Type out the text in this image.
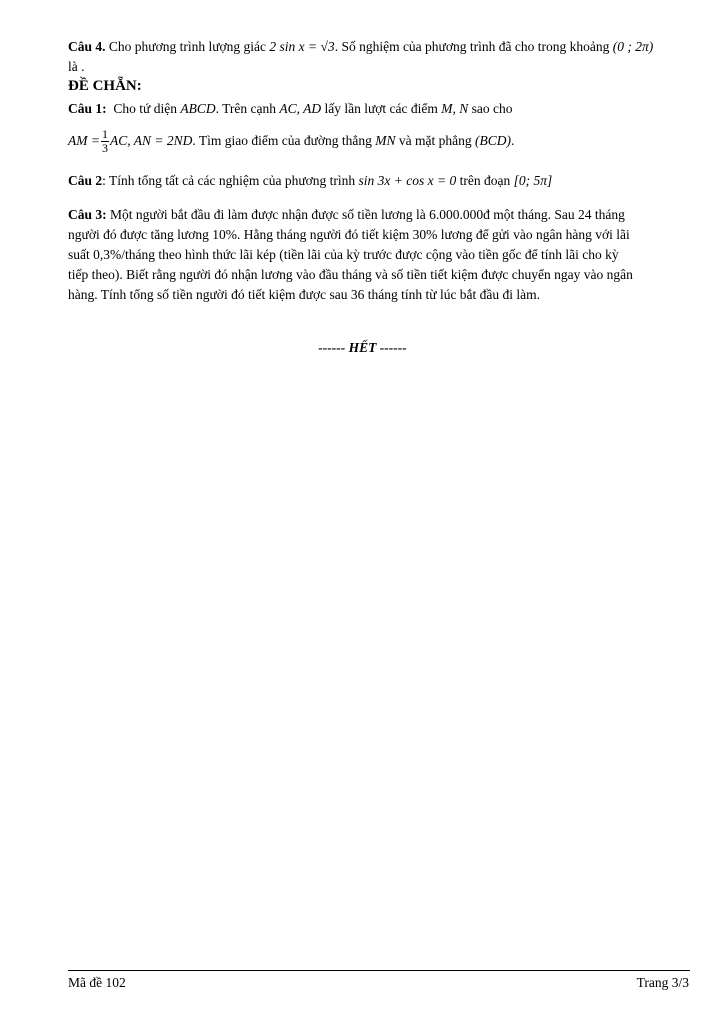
Câu 4. Cho phương trình lượng giác 2 sin x = √3. Số nghiệm của phương trình đã cho trong khoảng (0 ; 2π)
là .
ĐỀ CHẴN:
Câu 1: Cho tứ diện ABCD. Trên cạnh AC, AD lấy lần lượt các điểm M, N sao cho
AM = $\frac{1}{3}$ AC, AN = 2ND. Tìm giao điểm của đường thẳng MN và mặt phẳng (BCD).
Câu 2: Tính tổng tất cả các nghiệm của phương trình sin 3x + cos x = 0 trên đoạn [0; 5π]
Câu 3: Một người bắt đầu đi làm được nhận được số tiền lương là 6.000.000đ một tháng. Sau 24 tháng
người đó được tăng lương 10%. Hằng tháng người đó tiết kiệm 30% lương để gửi vào ngân hàng với lãi
suất 0,3%/tháng theo hình thức lãi kép (tiền lãi của kỳ trước được cộng vào tiền gốc để tính lãi cho kỳ
tiếp theo). Biết rằng người đó nhận lương vào đầu tháng và số tiền tiết kiệm được chuyển ngay vào ngân
hàng. Tính tổng số tiền người đó tiết kiệm được sau 36 tháng tính từ lúc bắt đầu đi làm.
------ HẾT ------
Mã đề 102	Trang 3/3
